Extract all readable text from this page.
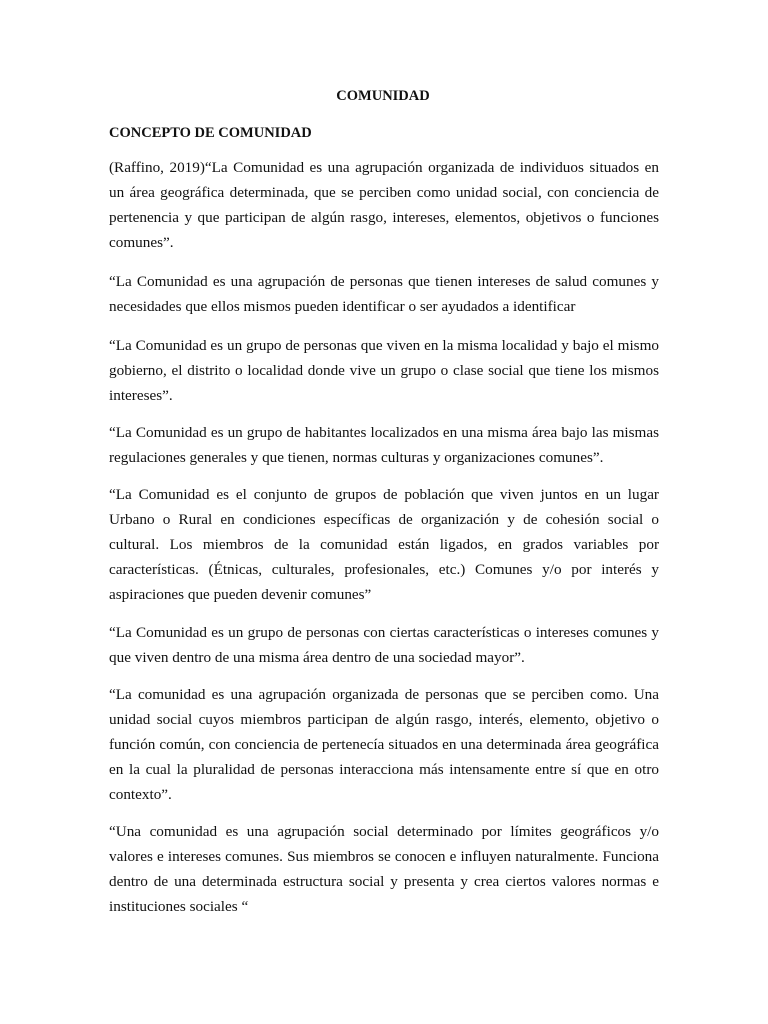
COMUNIDAD
CONCEPTO DE COMUNIDAD

(Raffino, 2019)“La Comunidad es una agrupación organizada de individuos situados en un área geográfica determinada, que se perciben como unidad social, con conciencia de pertenencia y que participan de algún rasgo, intereses, elementos, objetivos o funciones comunes”.

“La Comunidad es una agrupación de personas que tienen intereses de salud comunes y necesidades que ellos mismos pueden identificar o ser ayudados a identificar

“La Comunidad es un grupo de personas que viven en la misma localidad y bajo el mismo gobierno, el distrito o localidad donde vive un grupo o clase social que tiene los mismos intereses”.

“La Comunidad es un grupo de habitantes localizados en una misma área bajo las mismas regulaciones generales y que tienen, normas culturas y organizaciones comunes”.

“La Comunidad es el conjunto de grupos de población que viven juntos en un lugar Urbano o Rural en condiciones específicas de organización y de cohesión social o cultural. Los miembros de la comunidad están ligados, en grados variables por características. (Étnicas, culturales, profesionales, etc.) Comunes y/o por interés y aspiraciones que pueden devenir comunes”

“La Comunidad es un grupo de personas con ciertas características o intereses comunes y que viven dentro de una misma área dentro de una sociedad mayor”.

“La comunidad es una agrupación organizada de personas que se perciben como. Una unidad social cuyos miembros participan de algún rasgo, interés, elemento, objetivo o función común, con conciencia de pertenecía situados en una determinada área geográfica en la cual la pluralidad de personas interacciona más intensamente entre sí que en otro contexto”.

“Una comunidad es una agrupación social determinado por límites geográficos y/o valores e intereses comunes. Sus miembros se conocen e influyen naturalmente. Funciona dentro de una determinada estructura social y presenta y crea ciertos valores normas e instituciones sociales “
